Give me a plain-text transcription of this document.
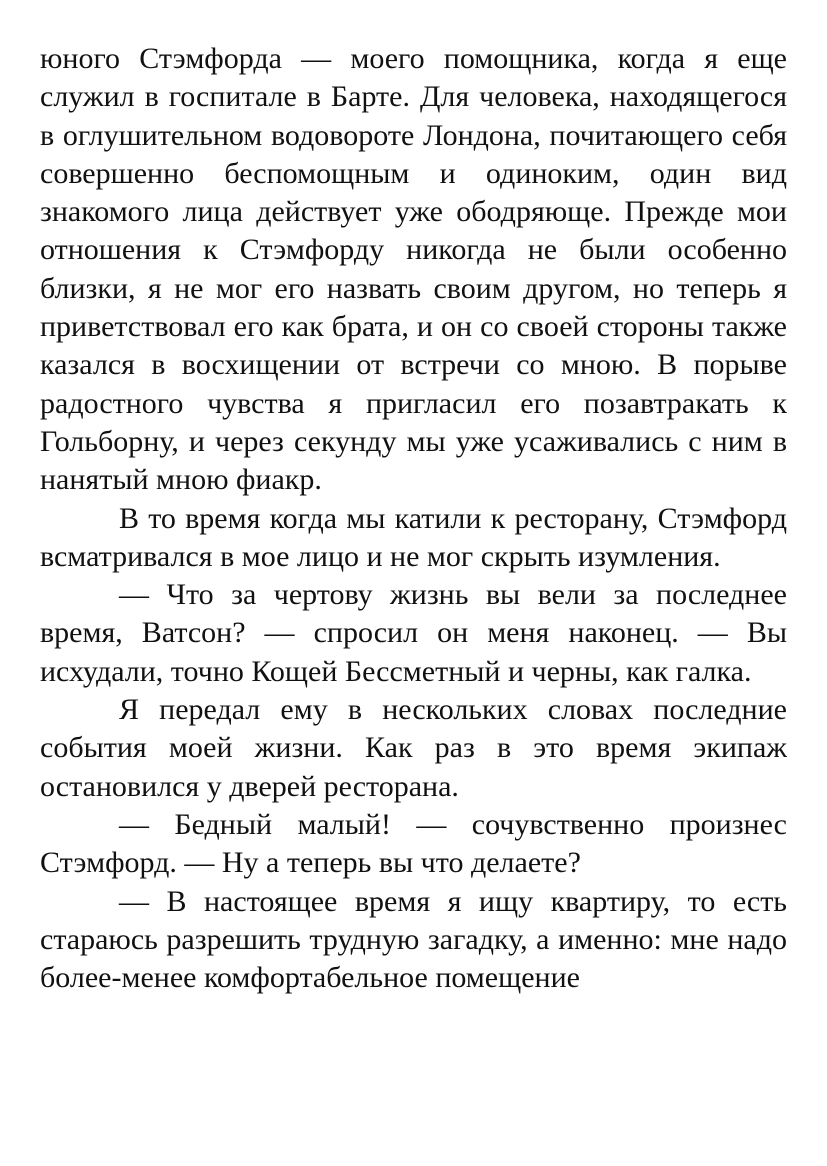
юного Стэмфорда — моего помощника, когда я еще служил в госпитале в Барте. Для человека, находящегося в оглушительном водовороте Лондона, почитающего себя совершенно беспомощным и одиноким, один вид знакомого лица действует уже ободряюще. Прежде мои отношения к Стэмфорду никогда не были особенно близки, я не мог его назвать своим другом, но теперь я приветствовал его как брата, и он со своей стороны также казался в восхищении от встречи со мною. В порыве радостного чувства я пригласил его позавтракать к Гольборну, и через секунду мы уже усаживались с ним в нанятый мною фиакр.

В то время когда мы катили к ресторану, Стэмфорд всматривался в мое лицо и не мог скрыть изумления.

— Что за чертову жизнь вы вели за последнее время, Ватсон? — спросил он меня наконец. — Вы исхудали, точно Кощей Бессметный и черны, как галка.

Я передал ему в нескольких словах последние события моей жизни. Как раз в это время экипаж остановился у дверей ресторана.

— Бедный малый! — сочувственно произнес Стэмфорд. — Ну а теперь вы что делаете?

— В настоящее время я ищу квартиру, то есть стараюсь разрешить трудную загадку, а именно: мне надо более-менее комфортабельное помещение
